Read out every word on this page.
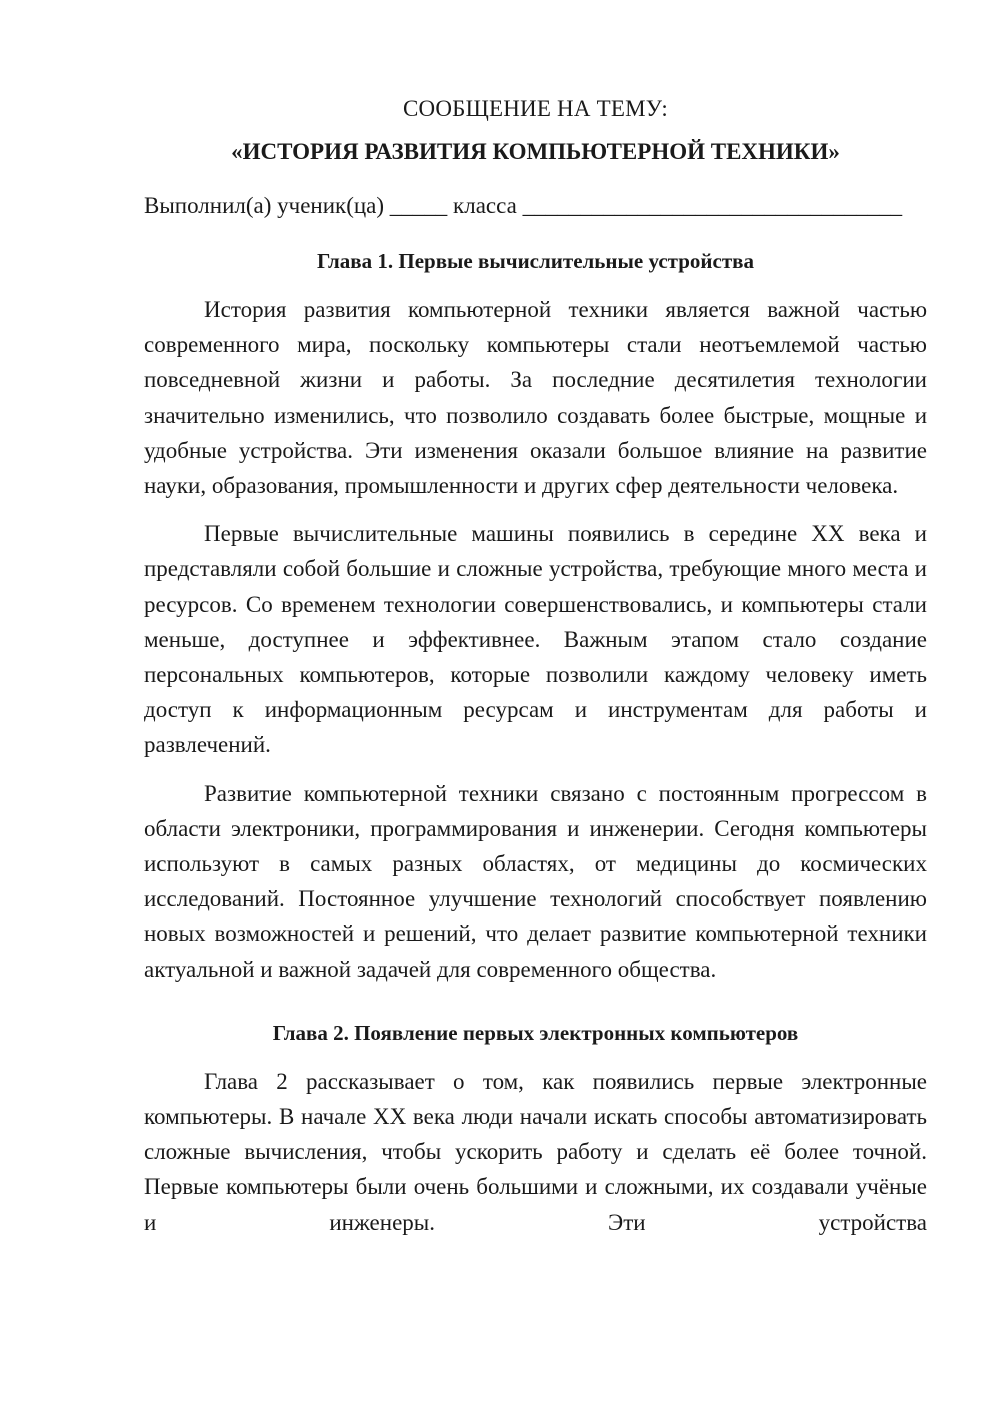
СООБЩЕНИЕ НА ТЕМУ:

«ИСТОРИЯ РАЗВИТИЯ КОМПЬЮТЕРНОЙ ТЕХНИКИ»

Выполнил(а) ученик(ца) _____ класса _________________________________

Глава 1. Первые вычислительные устройства

История развития компьютерной техники является важной частью современного мира, поскольку компьютеры стали неотъемлемой частью повседневной жизни и работы. За последние десятилетия технологии значительно изменились, что позволило создавать более быстрые, мощные и удобные устройства. Эти изменения оказали большое влияние на развитие науки, образования, промышленности и других сфер деятельности человека.

Первые вычислительные машины появились в середине XX века и представляли собой большие и сложные устройства, требующие много места и ресурсов. Со временем технологии совершенствовались, и компьютеры стали меньше, доступнее и эффективнее. Важным этапом стало создание персональных компьютеров, которые позволили каждому человеку иметь доступ к информационным ресурсам и инструментам для работы и развлечений.

Развитие компьютерной техники связано с постоянным прогрессом в области электроники, программирования и инженерии. Сегодня компьютеры используют в самых разных областях, от медицины до космических исследований. Постоянное улучшение технологий способствует появлению новых возможностей и решений, что делает развитие компьютерной техники актуальной и важной задачей для современного общества.

Глава 2. Появление первых электронных компьютеров

Глава 2 рассказывает о том, как появились первые электронные компьютеры. В начале XX века люди начали искать способы автоматизировать сложные вычисления, чтобы ускорить работу и сделать её более точной. Первые компьютеры были очень большими и сложными, их создавали учёные и инженеры. Эти устройства
